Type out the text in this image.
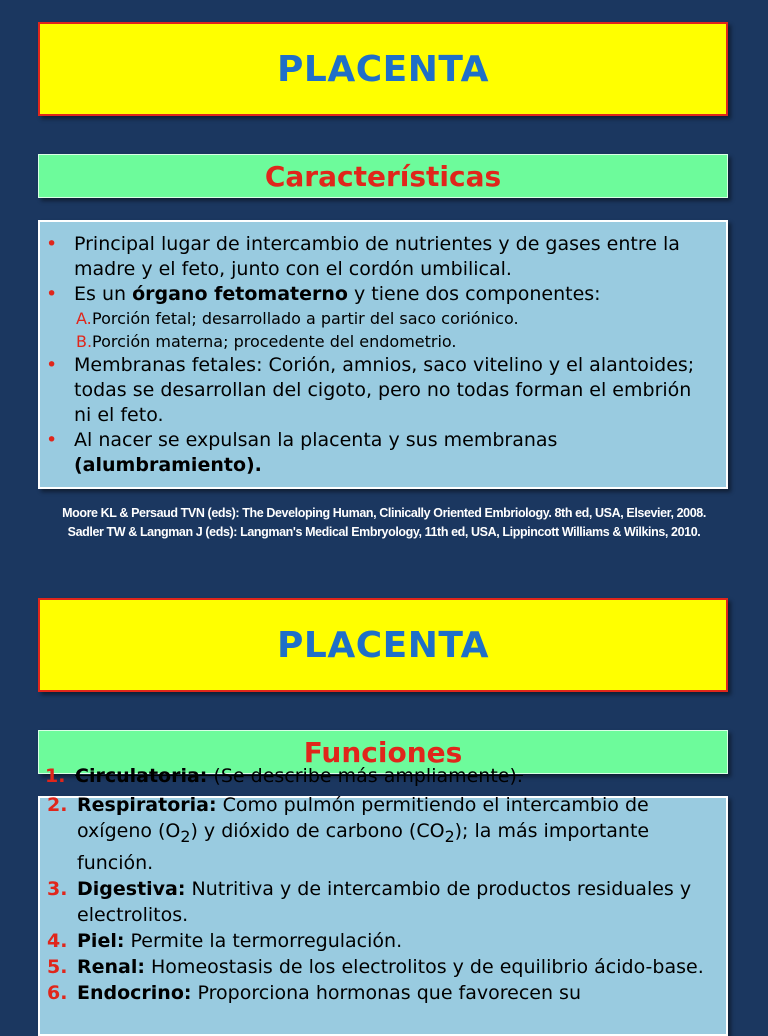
PLACENTA
Características
• Principal lugar de intercambio de nutrientes y de gases entre la madre y el feto, junto con el cordón umbilical.
• Es un órgano fetomaterno y tiene dos componentes:
A. Porción fetal; desarrollado a partir del saco coriónico.
B. Porción materna; procedente del endometrio.
• Membranas fetales: Corión, amnios, saco vitelino y el alantoides; todas se desarrollan del cigoto, pero no todas forman el embrión ni el feto.
• Al nacer se expulsan la placenta y sus membranas (alumbramiento).
Moore KL & Persaud TVN (eds): The Developing Human, Clinically Oriented Embriology. 8th ed, USA, Elsevier, 2008.
Sadler TW & Langman J (eds): Langman's Medical Embryology, 11th ed, USA, Lippincott Williams & Wilkins, 2010.
PLACENTA
Funciones
2. Respiratoria: Como pulmón permitiendo el intercambio de oxígeno $(O_2)$ y dióxido de carbono $(CO_2)$; la más importante función.
3. Digestiva: Nutritiva y de intercambio de productos residuales y electrolitos.
4. Piel: Permite la termorregulación.
5. Renal: Homeostasis de los electrolitos y de equilibrio ácido-base.
6. Endocrino: Proporciona hormonas que favorecen su
1. Circulatoria: (Se describe más ampliamente).
